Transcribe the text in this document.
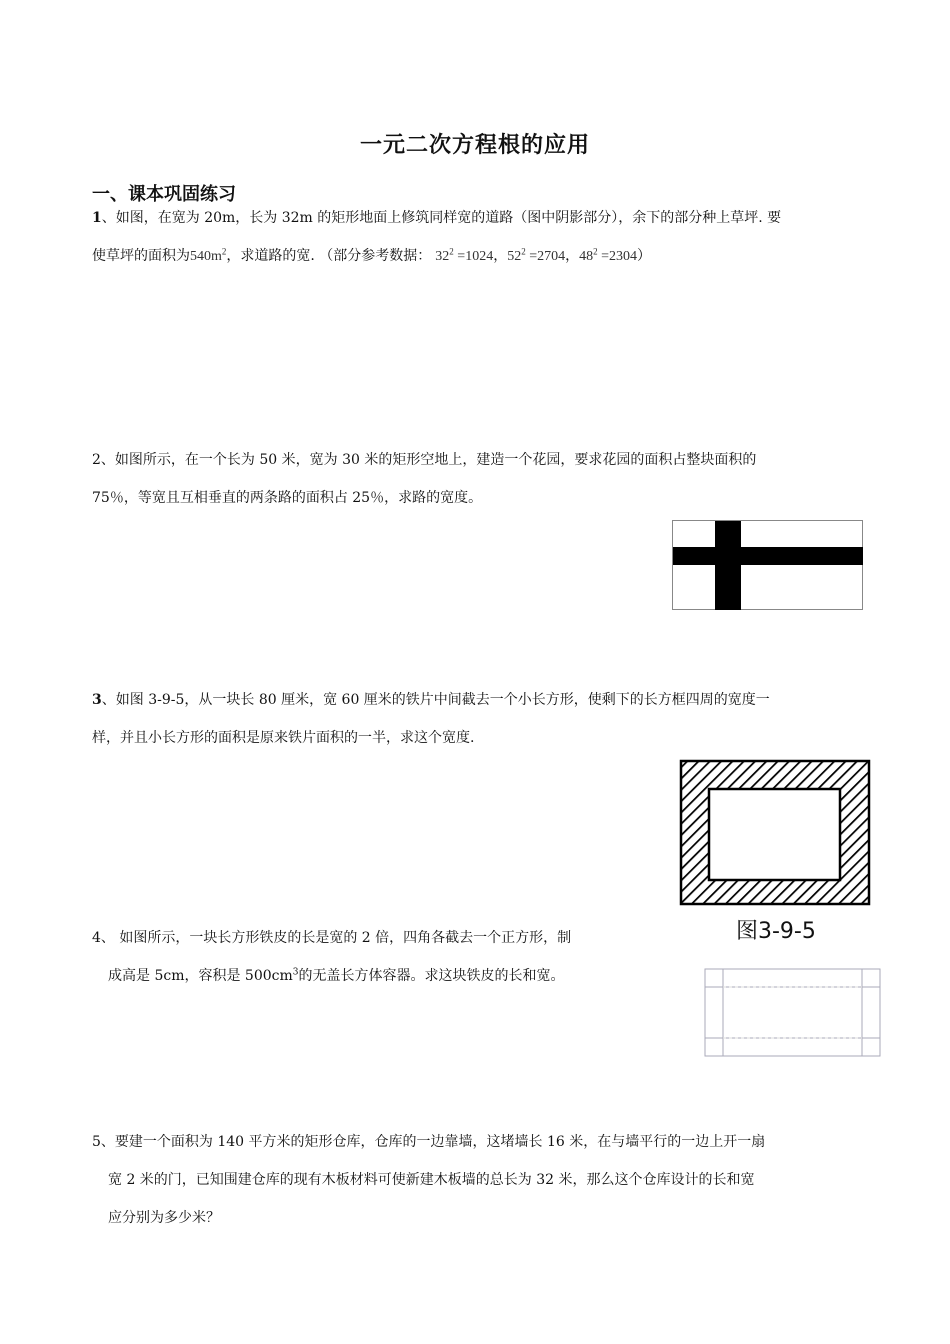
一元二次方程根的应用
一、课本巩固练习
1、如图，在宽为 20m，长为 32m 的矩形地面上修筑同样宽的道路（图中阴影部分），余下的部分种上草坪. 要
使草坪的面积为$540m^2$，求道路的宽. （部分参考数据： $32^2 =1024$，$52^2 =2704$，$48^2 =2304$）
2、如图所示，在一个长为 50 米，宽为 30 米的矩形空地上，建造一个花园，要求花园的面积占整块面积的
75％，等宽且互相垂直的两条路的面积占 25％，求路的宽度。
3、如图 3-9-5，从一块长 80 厘米，宽 60 厘米的铁片中间截去一个小长方形，使剩下的长方框四周的宽度一
样，并且小长方形的面积是原来铁片面积的一半，求这个宽度.
图3-9-5
4、 如图所示，一块长方形铁皮的长是宽的 2 倍，四角各截去一个正方形，制
成高是 5cm，容积是 $500cm^3$的无盖长方体容器。求这块铁皮的长和宽。
5、要建一个面积为 140 平方米的矩形仓库，仓库的一边靠墙，这堵墙长 16 米，在与墙平行的一边上开一扇
宽 2 米的门，已知围建仓库的现有木板材料可使新建木板墙的总长为 32 米，那么这个仓库设计的长和宽
应分别为多少米？
